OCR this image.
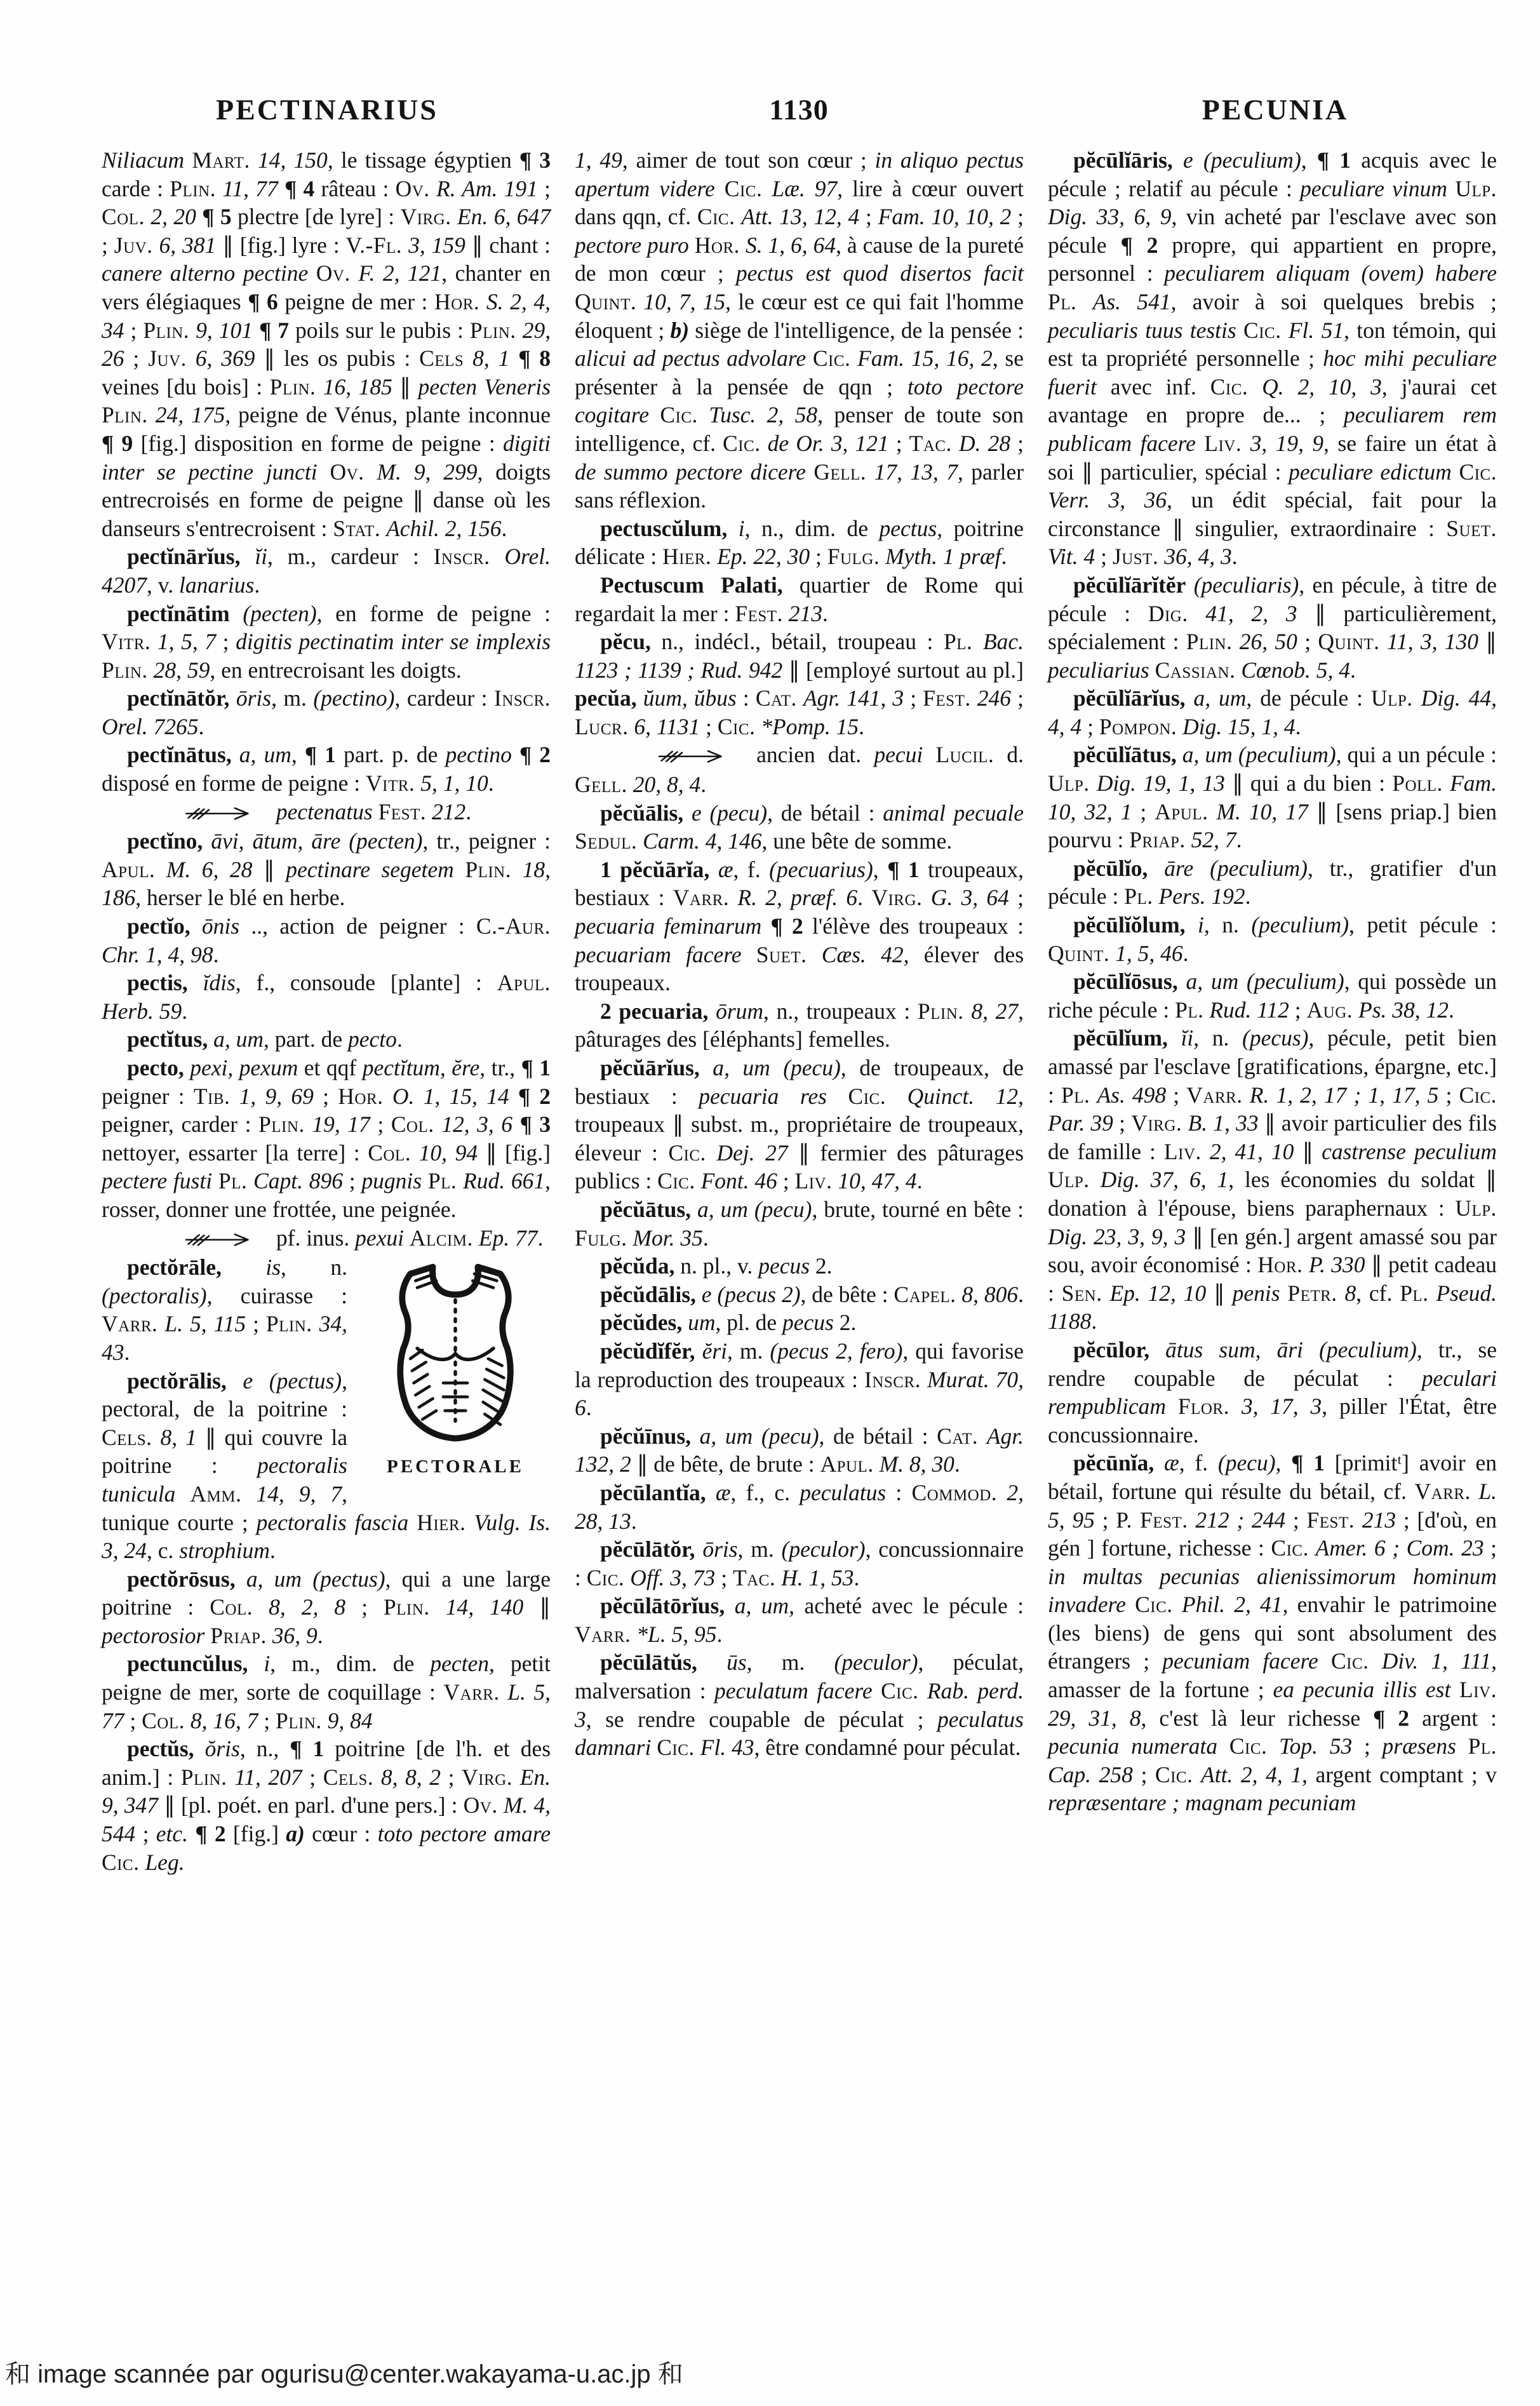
PECTINARIUS	1130	PECUNIA

Niliacum Mart. 14, 150, le tissage égyptien ¶ 3 carde : Plin. 11, 77 ¶ 4 râteau : Ov. R. Am. 191 ; Col. 2, 20 ¶ 5 plectre [de lyre] : Virg. En. 6, 647 ; Juv. 6, 381 ∥ [fig.] lyre : V.-Fl. 3, 159 ∥ chant : canere alterno pectine Ov. F. 2, 121, chanter en vers élégiaques ¶ 6 peigne de mer : Hor. S. 2, 4, 34 ; Plin. 9, 101 ¶ 7 poils sur le pubis : Plin. 29, 26 ; Juv. 6, 369 ∥ les os pubis : Cels 8, 1 ¶ 8 veines [du bois] : Plin. 16, 185 ∥ pecten Veneris Plin. 24, 175, peigne de Vénus, plante inconnue ¶ 9 [fig.] disposition en forme de peigne : digiti inter se pectine juncti Ov. M. 9, 299, doigts entrecroisés en forme de peigne ∥ danse où les danseurs s'entrecroisent : Stat. Achil. 2, 156.

pectĭnārĭus, ĭi, m., cardeur : Inscr. Orel. 4207, v. lanarius.

pectĭnātim (pecten), en forme de peigne : Vitr. 1, 5, 7 ; digitis pectinatim inter se implexis Plin. 28, 59, en entrecroisant les doigts.

pectĭnātŏr, ōris, m. (pectino), cardeur : Inscr. Orel. 7265.

pectĭnātus, a, um, ¶ 1 part. p. de pectino ¶ 2 disposé en forme de peigne : Vitr. 5, 1, 10.

pectenatus Fest. 212.

pectĭno, āvi, ātum, āre (pecten), tr., peigner : Apul. M. 6, 28 ∥ pectinare segetem Plin. 18, 186, herser le blé en herbe.

pectĭo, ōnis .., action de peigner : C.-Aur. Chr. 1, 4, 98.

pectis, ĭdis, f., consoude [plante] : Apul. Herb. 59.

pectĭtus, a, um, part. de pecto.

pecto, pexi, pexum et qqf pectĭtum, ĕre, tr., ¶ 1 peigner : Tib. 1, 9, 69 ; Hor. O. 1, 15, 14 ¶ 2 peigner, carder : Plin. 19, 17 ; Col. 12, 3, 6 ¶ 3 nettoyer, essarter [la terre] : Col. 10, 94 ∥ [fig.] pectere fusti Pl. Capt. 896 ; pugnis Pl. Rud. 661, rosser, donner une frottée, une peignée.

pf. inus. pexui Alcim. Ep. 77.

PECTORALE

pectŏrāle, is, n. (pectoralis), cuirasse : Varr. L. 5, 115 ; Plin. 34, 43.

pectŏrālis, e (pectus), pectoral, de la poitrine : Cels. 8, 1 ∥ qui couvre la poitrine : pectoralis tunicula Amm. 14, 9, 7, tunique courte ; pectoralis fascia Hier. Vulg. Is. 3, 24, c. strophium.

pectŏrōsus, a, um (pectus), qui a une large poitrine : Col. 8, 2, 8 ; Plin. 14, 140 ∥ pectorosior Priap. 36, 9.

pectuncŭlus, i, m., dim. de pecten, petit peigne de mer, sorte de coquillage : Varr. L. 5, 77 ; Col. 8, 16, 7 ; Plin. 9, 84

pectŭs, ŏris, n., ¶ 1 poitrine [de l'h. et des anim.] : Plin. 11, 207 ; Cels. 8, 8, 2 ; Virg. En. 9, 347 ∥ [pl. poét. en parl. d'une pers.] : Ov. M. 4, 544 ; etc. ¶ 2 [fig.] a) cœur : toto pectore amare Cic. Leg.

1, 49, aimer de tout son cœur ; in aliquo pectus apertum videre Cic. Læ. 97, lire à cœur ouvert dans qqn, cf. Cic. Att. 13, 12, 4 ; Fam. 10, 10, 2 ; pectore puro Hor. S. 1, 6, 64, à cause de la pureté de mon cœur ; pectus est quod disertos facit Quint. 10, 7, 15, le cœur est ce qui fait l'homme éloquent ; b) siège de l'intelligence, de la pensée : alicui ad pectus advolare Cic. Fam. 15, 16, 2, se présenter à la pensée de qqn ; toto pectore cogitare Cic. Tusc. 2, 58, penser de toute son intelligence, cf. Cic. de Or. 3, 121 ; Tac. D. 28 ; de summo pectore dicere Gell. 17, 13, 7, parler sans réflexion.

pectuscŭlum, i, n., dim. de pectus, poitrine délicate : Hier. Ep. 22, 30 ; Fulg. Myth. 1 præf.

Pectuscum Palati, quartier de Rome qui regardait la mer : Fest. 213.

pĕcu, n., indécl., bétail, troupeau : Pl. Bac. 1123 ; 1139 ; Rud. 942 ∥ [employé surtout au pl.] pecŭa, ŭum, ŭbus : Cat. Agr. 141, 3 ; Fest. 246 ; Lucr. 6, 1131 ; Cic. *Pomp. 15.

ancien dat. pecui Lucil. d. Gell. 20, 8, 4.

pĕcŭālis, e (pecu), de bétail : animal pecuale Sedul. Carm. 4, 146, une bête de somme.

1 pĕcŭārĭa, æ, f. (pecuarius), ¶ 1 troupeaux, bestiaux : Varr. R. 2, præf. 6. Virg. G. 3, 64 ; pecuaria feminarum ¶ 2 l'élève des troupeaux : pecuariam facere Suet. Cæs. 42, élever des troupeaux.

2 pecuaria, ōrum, n., troupeaux : Plin. 8, 27, pâturages des [éléphants] femelles.

pĕcŭārĭus, a, um (pecu), de troupeaux, de bestiaux : pecuaria res Cic. Quinct. 12, troupeaux ∥ subst. m., propriétaire de troupeaux, éleveur : Cic. Dej. 27 ∥ fermier des pâturages publics : Cic. Font. 46 ; Liv. 10, 47, 4.

pĕcŭātus, a, um (pecu), brute, tourné en bête : Fulg. Mor. 35.

pĕcŭda, n. pl., v. pecus 2.

pĕcŭdālis, e (pecus 2), de bête : Capel. 8, 806.

pĕcŭdes, um, pl. de pecus 2.

pĕcŭdĭfĕr, ĕri, m. (pecus 2, fero), qui favorise la reproduction des troupeaux : Inscr. Murat. 70, 6.

pĕcŭīnus, a, um (pecu), de bétail : Cat. Agr. 132, 2 ∥ de bête, de brute : Apul. M. 8, 30.

pĕcūlantĭa, æ, f., c. peculatus : Commod. 2, 28, 13.

pĕcūlātŏr, ōris, m. (peculor), concussionnaire : Cic. Off. 3, 73 ; Tac. H. 1, 53.

pĕcūlātōrĭus, a, um, acheté avec le pécule : Varr. *L. 5, 95.

pĕcūlātŭs, ūs, m. (peculor), péculat, malversation : peculatum facere Cic. Rab. perd. 3, se rendre coupable de péculat ; peculatus damnari Cic. Fl. 43, être condamné pour péculat.

pĕcūlĭāris, e (peculium), ¶ 1 acquis avec le pécule ; relatif au pécule : peculiare vinum Ulp. Dig. 33, 6, 9, vin acheté par l'esclave avec son pécule ¶ 2 propre, qui appartient en propre, personnel : peculiarem aliquam (ovem) habere Pl. As. 541, avoir à soi quelques brebis ; peculiaris tuus testis Cic. Fl. 51, ton témoin, qui est ta propriété personnelle ; hoc mihi peculiare fuerit avec inf. Cic. Q. 2, 10, 3, j'aurai cet avantage en propre de... ; peculiarem rem publicam facere Liv. 3, 19, 9, se faire un état à soi ∥ particulier, spécial : peculiare edictum Cic. Verr. 3, 36, un édit spécial, fait pour la circonstance ∥ singulier, extraordinaire : Suet. Vit. 4 ; Just. 36, 4, 3.

pĕcūlĭārĭtĕr (peculiaris), en pécule, à titre de pécule : Dig. 41, 2, 3 ∥ particulièrement, spécialement : Plin. 26, 50 ; Quint. 11, 3, 130 ∥ peculiarius Cassian. Cœnob. 5, 4.

pĕcūlĭārĭus, a, um, de pécule : Ulp. Dig. 44, 4, 4 ; Pompon. Dig. 15, 1, 4.

pĕcūlĭātus, a, um (peculium), qui a un pécule : Ulp. Dig. 19, 1, 13 ∥ qui a du bien : Poll. Fam. 10, 32, 1 ; Apul. M. 10, 17 ∥ [sens priap.] bien pourvu : Priap. 52, 7.

pĕcūlĭo, āre (peculium), tr., gratifier d'un pécule : Pl. Pers. 192.

pĕcūlĭŏlum, i, n. (peculium), petit pécule : Quint. 1, 5, 46.

pĕcūlĭōsus, a, um (peculium), qui possède un riche pécule : Pl. Rud. 112 ; Aug. Ps. 38, 12.

pĕcūlĭum, ĭi, n. (pecus), pécule, petit bien amassé par l'esclave [gratifications, épargne, etc.] : Pl. As. 498 ; Varr. R. 1, 2, 17 ; 1, 17, 5 ; Cic. Par. 39 ; Virg. B. 1, 33 ∥ avoir particulier des fils de famille : Liv. 2, 41, 10 ∥ castrense peculium Ulp. Dig. 37, 6, 1, les économies du soldat ∥ donation à l'épouse, biens paraphernaux : Ulp. Dig. 23, 3, 9, 3 ∥ [en gén.] argent amassé sou par sou, avoir économisé : Hor. P. 330 ∥ petit cadeau : Sen. Ep. 12, 10 ∥ penis Petr. 8, cf. Pl. Pseud. 1188.

pĕcūlor, ātus sum, āri (peculium), tr., se rendre coupable de péculat : peculari rempublicam Flor. 3, 17, 3, piller l'État, être concussionnaire.

pĕcūnĭa, æ, f. (pecu), ¶ 1 [primitᵗ] avoir en bétail, fortune qui résulte du bétail, cf. Varr. L. 5, 95 ; P. Fest. 212 ; 244 ; Fest. 213 ; [d'où, en gén ] fortune, richesse : Cic. Amer. 6 ; Com. 23 ; in multas pecunias alienissimorum hominum invadere Cic. Phil. 2, 41, envahir le patrimoine (les biens) de gens qui sont absolument des étrangers ; pecuniam facere Cic. Div. 1, 111, amasser de la fortune ; ea pecunia illis est Liv. 29, 31, 8, c'est là leur richesse ¶ 2 argent : pecunia numerata Cic. Top. 53 ; præsens Pl. Cap. 258 ; Cic. Att. 2, 4, 1, argent comptant ; v repræsentare ; magnam pecuniam

和 image scannée par ogurisu@center.wakayama-u.ac.jp 和
